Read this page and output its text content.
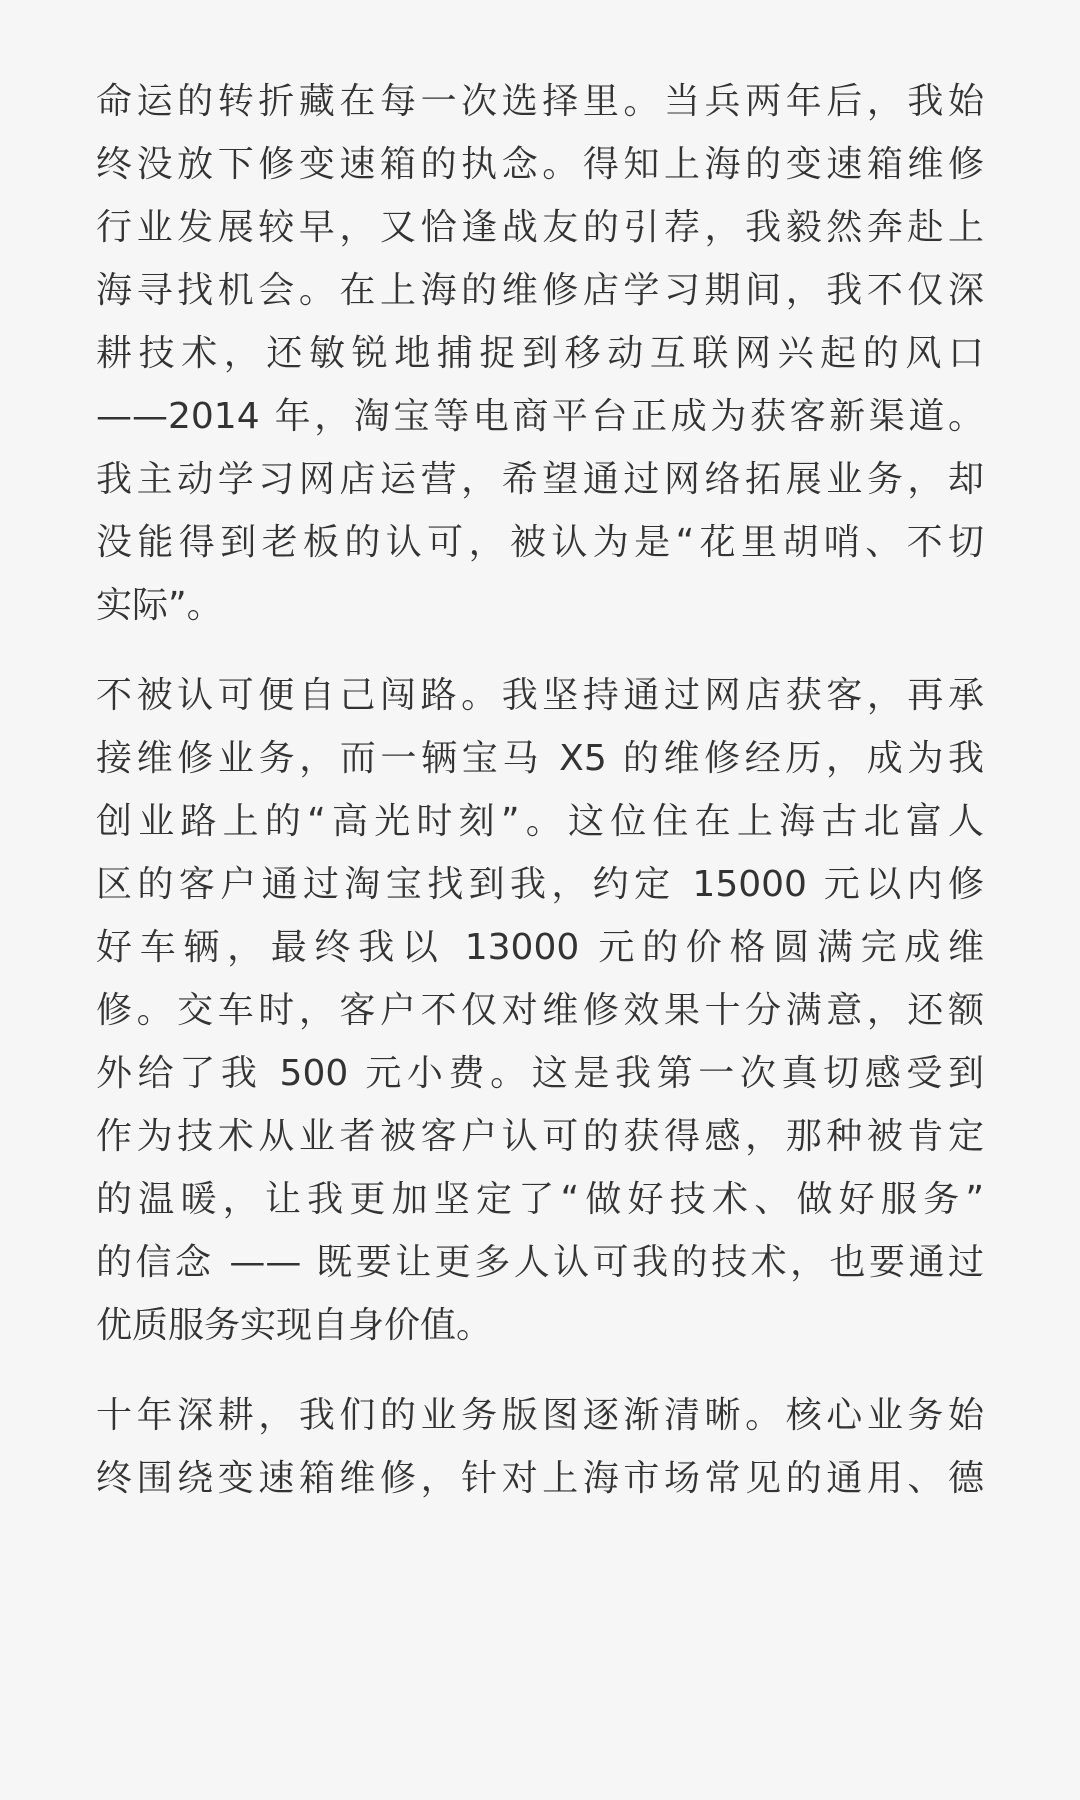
命运的转折藏在每一次选择里。当兵两年后，我始
终没放下修变速箱的执念。得知上海的变速箱维修
行业发展较早，又恰逢战友的引荐，我毅然奔赴上
海寻找机会。在上海的维修店学习期间，我不仅深
耕技术，还敏锐地捕捉到移动互联网兴起的风口
——2014 年，淘宝等电商平台正成为获客新渠道。
我主动学习网店运营，希望通过网络拓展业务，却
没能得到老板的认可，被认为是“花里胡哨、不切
实际”。
不被认可便自己闯路。我坚持通过网店获客，再承
接维修业务，而一辆宝马 X5 的维修经历，成为我
创业路上的“高光时刻”。这位住在上海古北富人
区的客户通过淘宝找到我，约定 15000 元以内修
好车辆，最终我以 13000 元的价格圆满完成维
修。交车时，客户不仅对维修效果十分满意，还额
外给了我 500 元小费。这是我第一次真切感受到
作为技术从业者被客户认可的获得感，那种被肯定
的温暖，让我更加坚定了“做好技术、做好服务”
的信念 —— 既要让更多人认可我的技术，也要通过
优质服务实现自身价值。
十年深耕，我们的业务版图逐渐清晰。核心业务始
终围绕变速箱维修，针对上海市场常见的通用、德
